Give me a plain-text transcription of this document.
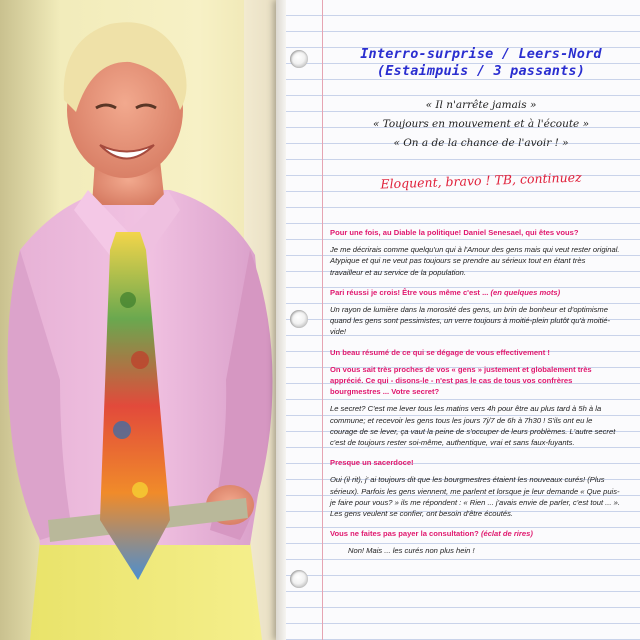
Interro-surprise / Leers-Nord
(Estaimpuis / 3 passants)
« Il n'arrête jamais »
« Toujours en mouvement et à l'écoute »
« On a de la chance de l'avoir ! »
Eloquent, bravo ! TB, continuez

Pour une fois, au Diable la politique! Daniel Senesael, qui êtes vous?

Je me décrirais comme quelqu'un qui à l'Amour des gens mais qui veut rester original. Atypique et qui ne veut pas toujours se prendre au sérieux tout en étant très travailleur et au service de la population.

Pari réussi je crois! Être vous même c'est ... (en quelques mots)

Un rayon de lumière dans la morosité des gens, un brin de bonheur et d'optimisme quand les gens sont pessimistes, un verre toujours à moitié-plein plutôt qu'à moitié-vide!

Un beau résumé de ce qui se dégage de vous effectivement !

On vous sait très proches de vos « gens » justement et globalement très apprécié. Ce qui - disons-le - n'est pas le cas de tous vos confrères bourgmestres ... Votre secret?

Le secret? C'est me lever tous les matins vers 4h pour être au plus tard à 5h à la commune; et recevoir les gens tous les jours 7j/7 de 6h à 7h30 ! S'ils ont eu le courage de se lever, ça vaut la peine de s'occuper de leurs problèmes. L'autre secret c'est de toujours rester soi-même, authentique, vrai et sans faux-fuyants.

Presque un sacerdoce!

Oui (il rit), j' ai toujours dit que les bourgmestres étaient les nouveaux curés! (Plus sérieux). Parfois les gens viennent, me parlent et lorsque je leur demande « Que puis-je faire pour vous? » ils me répondent : « Rien ... j'avais envie de parler, c'est tout ... ». Les gens veulent se confier, ont besoin d'être écoutés.

Vous ne faites pas payer la consultation? (éclat de rires)

Non! Mais ... les curés non plus hein !
